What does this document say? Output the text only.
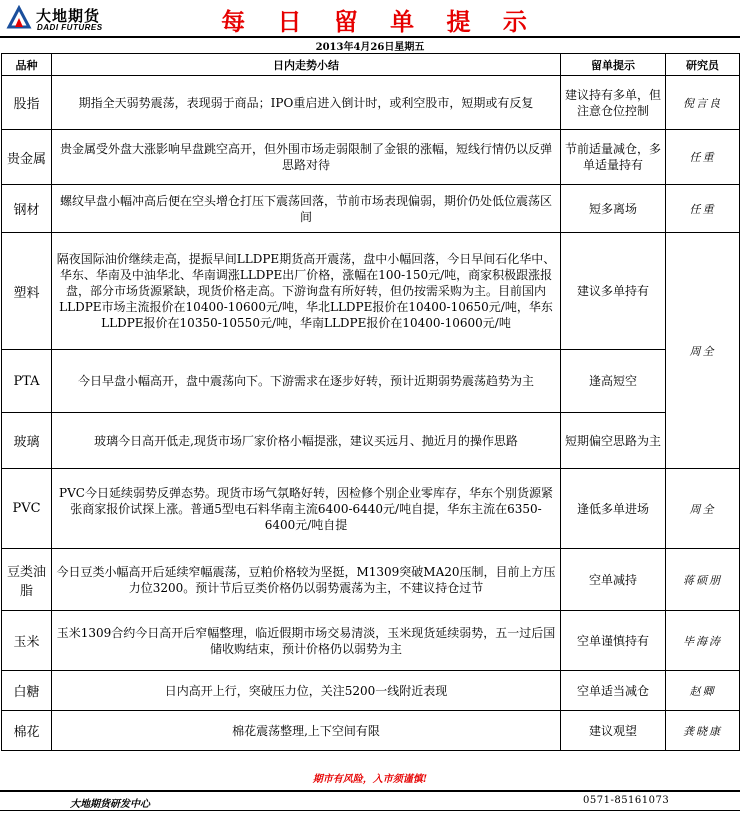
大地期货
DADI FUTURES	每 日 留 单 提 示
2013年4月26日星期五
品种	日内走势小结	留单提示	研究员
股指	期指全天弱势震荡，表现弱于商品；IPO重启进入倒计时，或利空股市，短期或有反复	建议持有多单，但注意仓位控制	倪言良
贵金属	贵金属受外盘大涨影响早盘跳空高开，但外围市场走弱限制了金银的涨幅，短线行情仍以反弹思路对待	节前适量减仓，多单适量持有	任重
钢材	螺纹早盘小幅冲高后便在空头增仓打压下震荡回落，节前市场表现偏弱，期价仍处低位震荡区间	短多离场	任重
塑料	隔夜国际油价继续走高，提振早间LLDPE期货高开震荡，盘中小幅回落，今日早间石化华中、华东、华南及中油华北、华南调涨LLDPE出厂价格，涨幅在100-150元/吨，商家积极跟涨报盘，部分市场货源紧缺，现货价格走高。下游询盘有所好转，但仍按需采购为主。目前国内LLDPE市场主流报价在10400-10600元/吨，华北LLDPE报价在10400-10650元/吨，华东LLDPE报价在10350-10550元/吨，华南LLDPE报价在10400-10600元/吨	建议多单持有	周全
PTA	今日早盘小幅高开，盘中震荡向下。下游需求在逐步好转，预计近期弱势震荡趋势为主	逢高短空	
玻璃	玻璃今日高开低走,现货市场厂家价格小幅提涨，建议买远月、抛近月的操作思路	短期偏空思路为主	
PVC	PVC今日延续弱势反弹态势。现货市场气氛略好转，因检修个别企业零库存，华东个别货源紧张商家报价试探上涨。普通5型电石料华南主流6400-6440元/吨自提，华东主流在6350-6400元/吨自提	逢低多单进场	周全
豆类油脂	今日豆类小幅高开后延续窄幅震荡，豆粕价格较为坚挺，M1309突破MA20压制，目前上方压力位3200。预计节后豆类价格仍以弱势震荡为主，不建议持仓过节	空单减持	蒋硕朋
玉米	玉米1309合约今日高开后窄幅整理，临近假期市场交易清淡，玉米现货延续弱势，五一过后国储收购结束，预计价格仍以弱势为主	空单谨慎持有	毕海涛
白糖	日内高开上行，突破压力位，关注5200一线附近表现	空单适当减仓	赵卿
棉花	棉花震荡整理,上下空间有限	建议观望	龚晓康
期市有风险，入市须谨慎!
大地期货研发中心	0571-85161073
